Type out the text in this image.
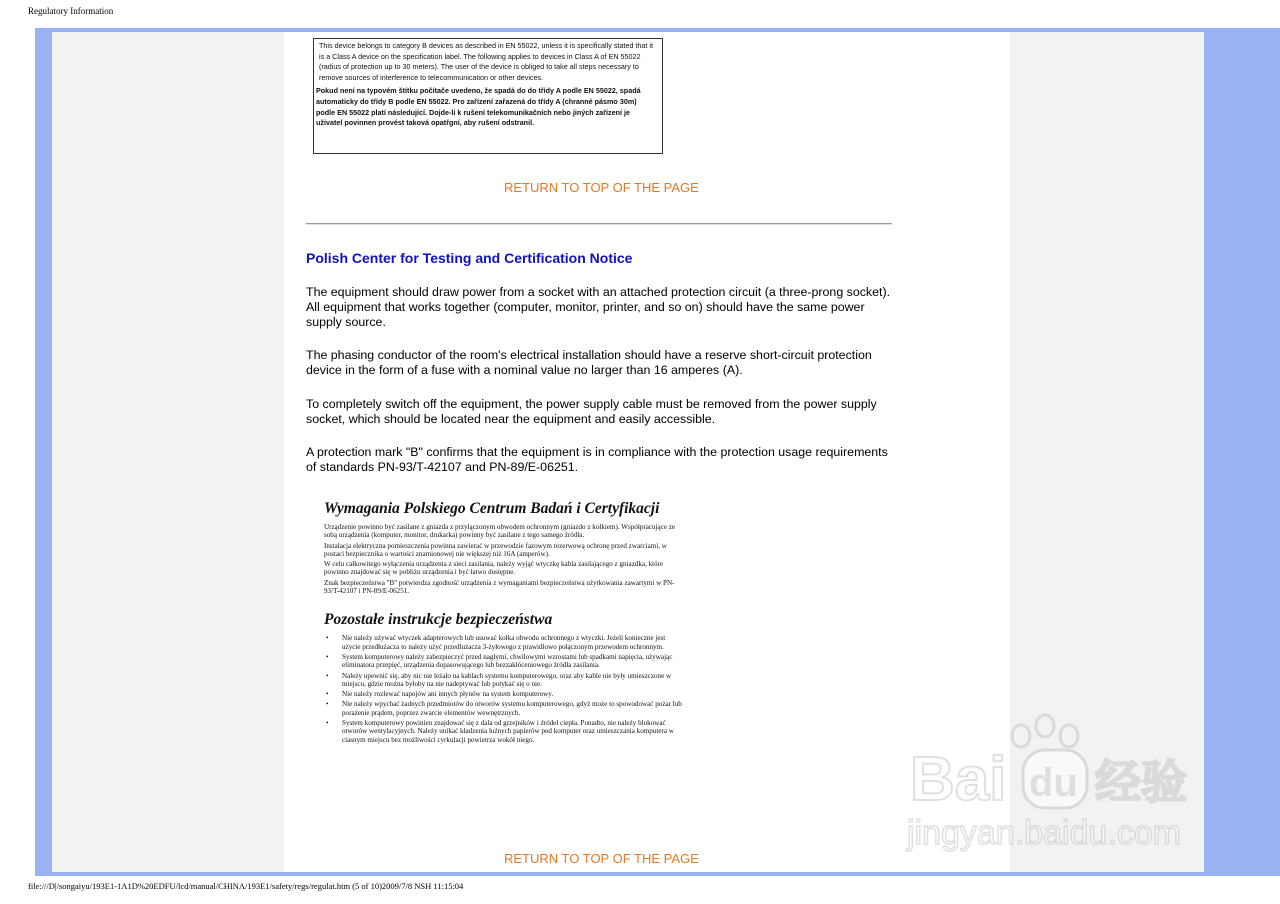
Regulatory Information

This device belongs to category B devices as described in EN 55022, unless it is specifically stated that it is a Class A device on the specification label. The following applies to devices in Class A of EN 55022 (radius of protection up to 30 meters). The user of the device is obliged to take all steps necessary to remove sources of interference to telecommunication or other devices.

Pokud není na typovém štítku počítače uvedeno, že spadá do do třídy A podle EN 55022, spadá automaticky do třídy B podle EN 55022. Pro zařízení zařazená do třídy A (chranné pásmo 30m) podle EN 55022 platí následující. Dojde-li k rušení telekomunikačních nebo jiných zařízení je uživatel povinnen provést taková opatřgní, aby rušení odstranil.

RETURN TO TOP OF THE PAGE
Polish Center for Testing and Certification Notice
The equipment should draw power from a socket with an attached protection circuit (a three-prong socket). All equipment that works together (computer, monitor, printer, and so on) should have the same power supply source.
The phasing conductor of the room's electrical installation should have a reserve short-circuit protection device in the form of a fuse with a nominal value no larger than 16 amperes (A).
To completely switch off the equipment, the power supply cable must be removed from the power supply socket, which should be located near the equipment and easily accessible.
A protection mark "B" confirms that the equipment is in compliance with the protection usage requirements of standards PN-93/T-42107 and PN-89/E-06251.
Wymagania Polskiego Centrum Badań i Certyfikacji
Urządzenie powinno być zasilane z gniazda z przyłączonym obwodem ochronnym (gniazdo z kołkiem). Współpracujące ze sobą urządzenia (komputer, monitor, drukarka) powinny być zasilane z tego samego źródła.
Instalacja elektryczna pomieszczenia powinna zawierać w przewodzie fazowym rezerwową ochronę przed zwarciami, w postaci bezpiecznika o wartości znamionowej nie większej niż 16A (amperów).
W celu całkowitego wyłączenia urządzenia z sieci zasilania, należy wyjąć wtyczkę kabla zasilającego z gniazdka, które powinno znajdować się w pobliżu urządzenia i być łatwo dostępne.
Znak bezpieczeństwa "B" potwierdza zgodność urządzenia z wymaganiami bezpieczeństwa użytkowania zawartymi w PN-93/T-42107 i PN-89/E-06251.
Pozostałe instrukcje bezpieczeństwa
• Nie należy używać wtyczek adapterowych lub usuwać kołka obwodu ochronnego z wtyczki. Jeżeli konieczne jest użycie przedłużacza to należy użyć przedłużacza 3-żyłowego z prawidłowo połączonym przewodem ochronnym.
• System komputerowy należy zabezpieczyć przed nagłymi, chwilowymi wzrostami lub spadkami napięcia, używając eliminatora przepięć, urządzenia dopasowującego lub bezzakłóceniowego źródła zasilania.
• Należy upewnić się, aby nic nie leżało na kablach systemu komputerowego, oraz aby kable nie były umieszczone w miejscu, gdzie można byłoby na nie nadeptywać lub potykać się o nie.
• Nie należy rozlewać napojów ani innych płynów na system komputerowy.
• Nie należy wpychać żadnych przedmiotów do otworów systemu komputerowego, gdyż może to spowodować pożar lub porażenie prądem, poprzez zwarcie elementów wewnętrznych.
• System komputerowy powinien znajdować się z dala od grzejników i źródeł ciepła. Ponadto, nie należy blokować otworów wentylacyjnych. Należy unikać kładzenia luźnych papierów pod komputer oraz umieszczania komputera w ciasnym miejscu bez możliwości cyrkulacji powietrza wokół niego.
RETURN TO TOP OF THE PAGE
Bai du 经验
jingyan.baidu.com
file:///D|/songaiyu/193E1-1A1D%20EDFU/lcd/manual/CHINA/193E1/safety/regs/regulat.htm (5 of 10)2009/7/8 NSH 11:15:04
